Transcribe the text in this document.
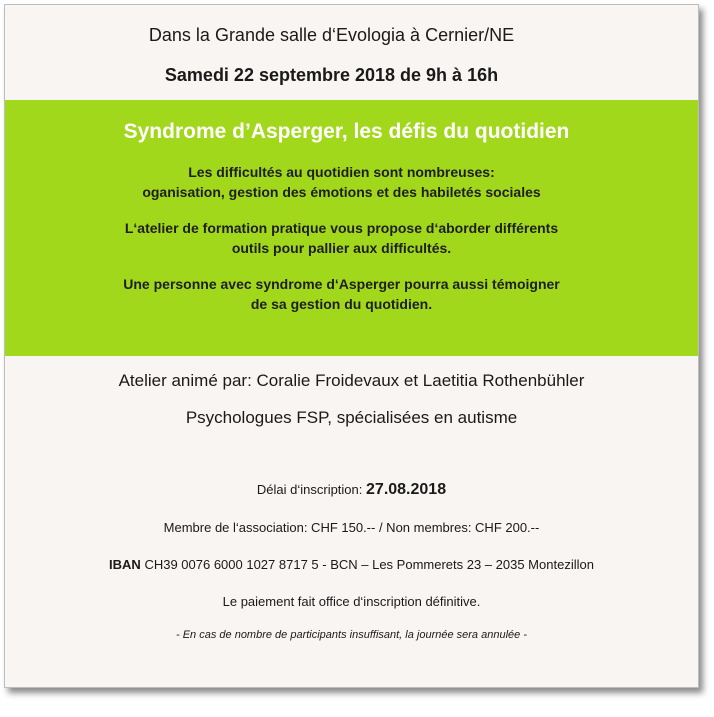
Dans la Grande salle d‘Evologia à Cernier/NE

Samedi 22 septembre 2018 de 9h à 16h

Syndrome d’Asperger, les défis du quotidien

Les difficultés au quotidien sont nombreuses:
oganisation, gestion des émotions et des habiletés sociales
L‘atelier de formation pratique vous propose d‘aborder différents
outils pour pallier aux difficultés.
Une personne avec syndrome d‘Asperger pourra aussi témoigner
de sa gestion du quotidien.

Atelier animé par: Coralie Froidevaux et Laetitia Rothenbühler

Psychologues FSP, spécialisées en autisme

Délai d‘inscription: 27.08.2018

Membre de l‘association: CHF 150.-- / Non membres: CHF 200.--

IBAN CH39 0076 6000 1027 8717 5 - BCN – Les Pommerets 23 – 2035 Montezillon

Le paiement fait office d‘inscription définitive.

- En cas de nombre de participants insuffisant, la journée sera annulée -
